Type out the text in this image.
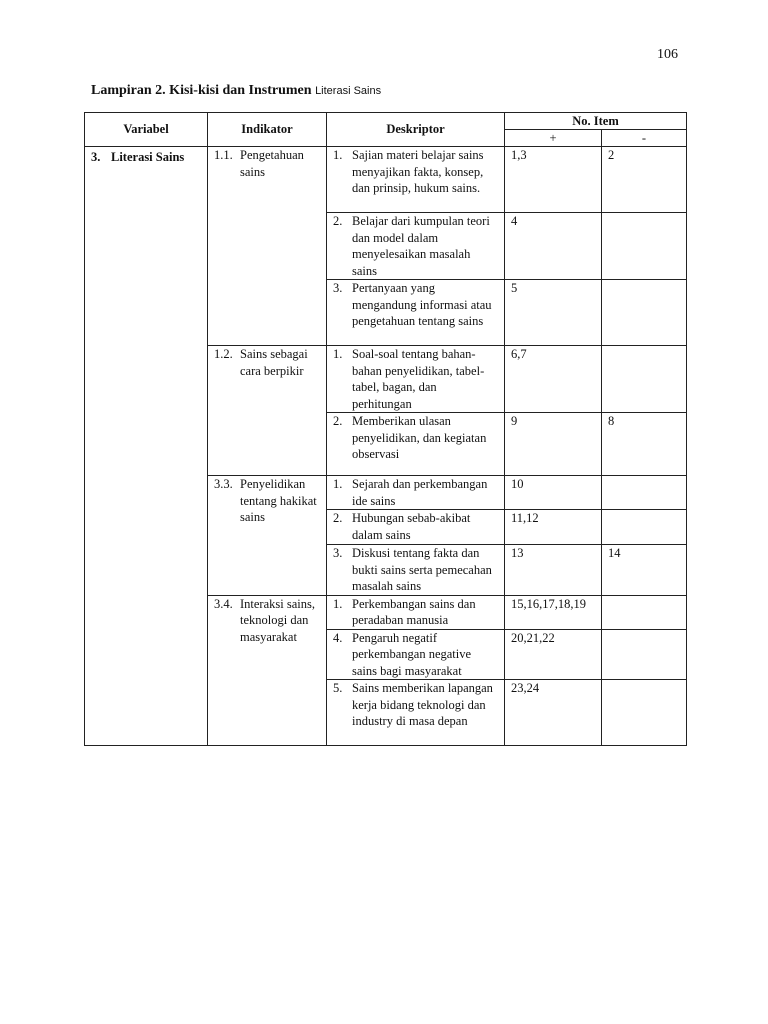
106
Lampiran 2. Kisi-kisi dan Instrumen Literasi Sains
Variabel	Indikator	Deskriptor	No. Item	
			+	-

3. Literasi Sains	1.1. Pengetahuan sains	1. Sajian materi belajar sains menyajikan fakta, konsep, dan prinsip, hukum sains.	1,3	2

		2. Belajar dari kumpulan teori dan model dalam menyelesaikan masalah sains	4	

		3. Pertanyaan yang mengandung informasi atau pengetahuan tentang sains	5	

	1.2. Sains sebagai cara berpikir	1. Soal-soal tentang bahan-bahan penyelidikan, tabel-tabel, bagan, dan perhitungan	6,7	

		2. Memberikan ulasan penyelidikan, dan kegiatan observasi	9	8

	3.3. Penyelidikan tentang hakikat sains	1. Sejarah dan perkembangan ide sains	10	

		2. Hubungan sebab-akibat dalam sains	11,12	

		3. Diskusi tentang fakta dan bukti sains serta pemecahan masalah sains	13	14

	3.4. Interaksi sains, teknologi dan masyarakat	1. Perkembangan sains dan peradaban manusia	15,16,17,18,19	

		4. Pengaruh negatif perkembangan negative sains bagi masyarakat	20,21,22	

		5. Sains memberikan lapangan kerja bidang teknologi dan industry di masa depan	23,24	
